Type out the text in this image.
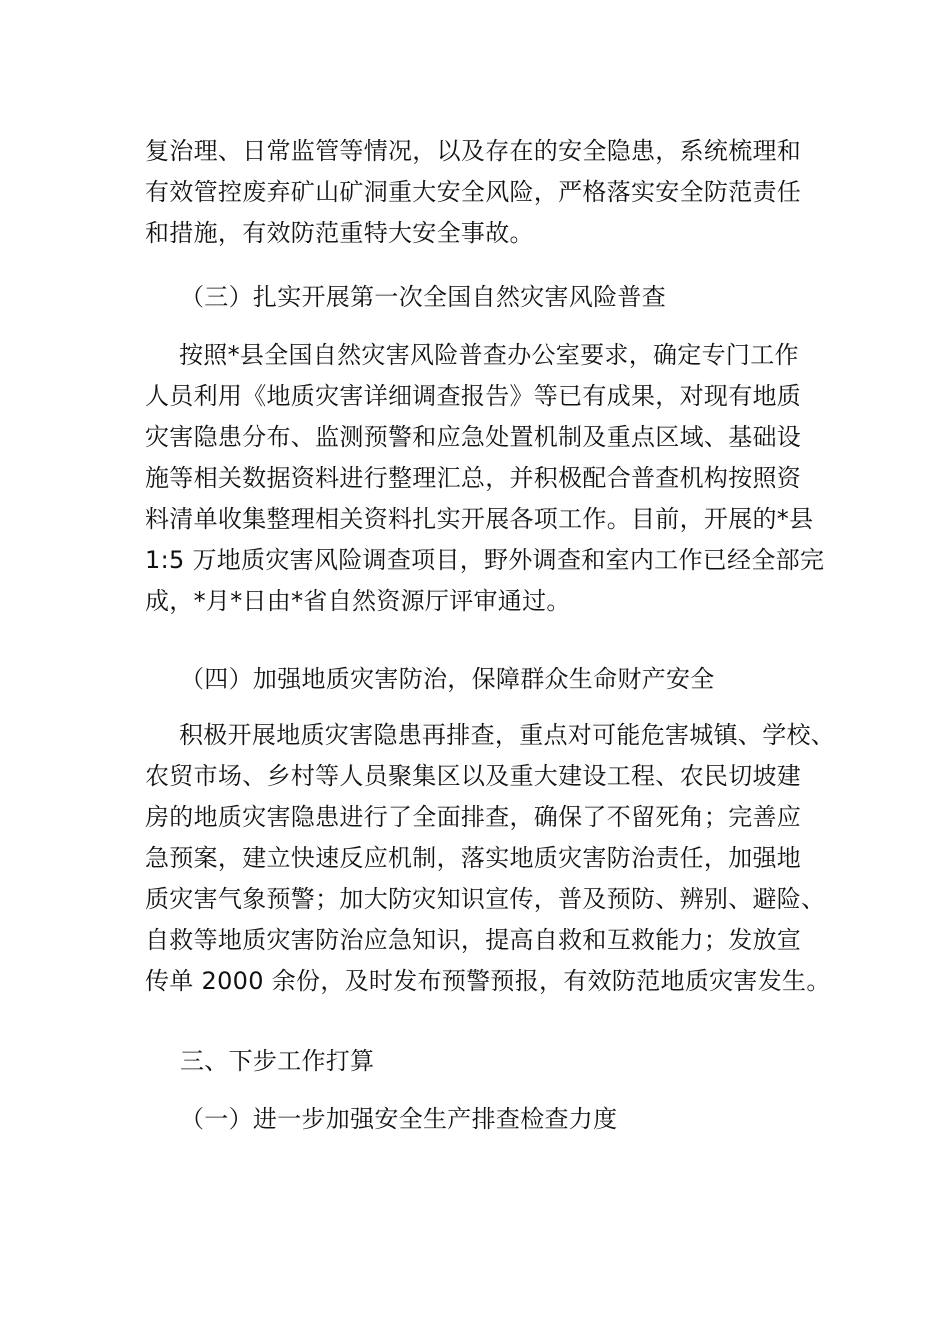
复治理、日常监管等情况，以及存在的安全隐患，系统梳理和
有效管控废弃矿山矿洞重大安全风险，严格落实安全防范责任
和措施，有效防范重特大安全事故。

（三）扎实开展第一次全国自然灾害风险普查

按照*县全国自然灾害风险普查办公室要求，确定专门工作
人员利用《地质灾害详细调查报告》等已有成果，对现有地质
灾害隐患分布、监测预警和应急处置机制及重点区域、基础设
施等相关数据资料进行整理汇总，并积极配合普查机构按照资
料清单收集整理相关资料扎实开展各项工作。目前，开展的*县
1:5 万地质灾害风险调查项目，野外调查和室内工作已经全部完
成，*月*日由*省自然资源厅评审通过。

（四）加强地质灾害防治，保障群众生命财产安全

积极开展地质灾害隐患再排查，重点对可能危害城镇、学校、
农贸市场、乡村等人员聚集区以及重大建设工程、农民切坡建
房的地质灾害隐患进行了全面排查，确保了不留死角；完善应
急预案，建立快速反应机制，落实地质灾害防治责任，加强地
质灾害气象预警；加大防灾知识宣传，普及预防、辨别、避险、
自救等地质灾害防治应急知识，提高自救和互救能力；发放宣
传单 2000 余份，及时发布预警预报，有效防范地质灾害发生。

三、下步工作打算

（一）进一步加强安全生产排查检查力度
